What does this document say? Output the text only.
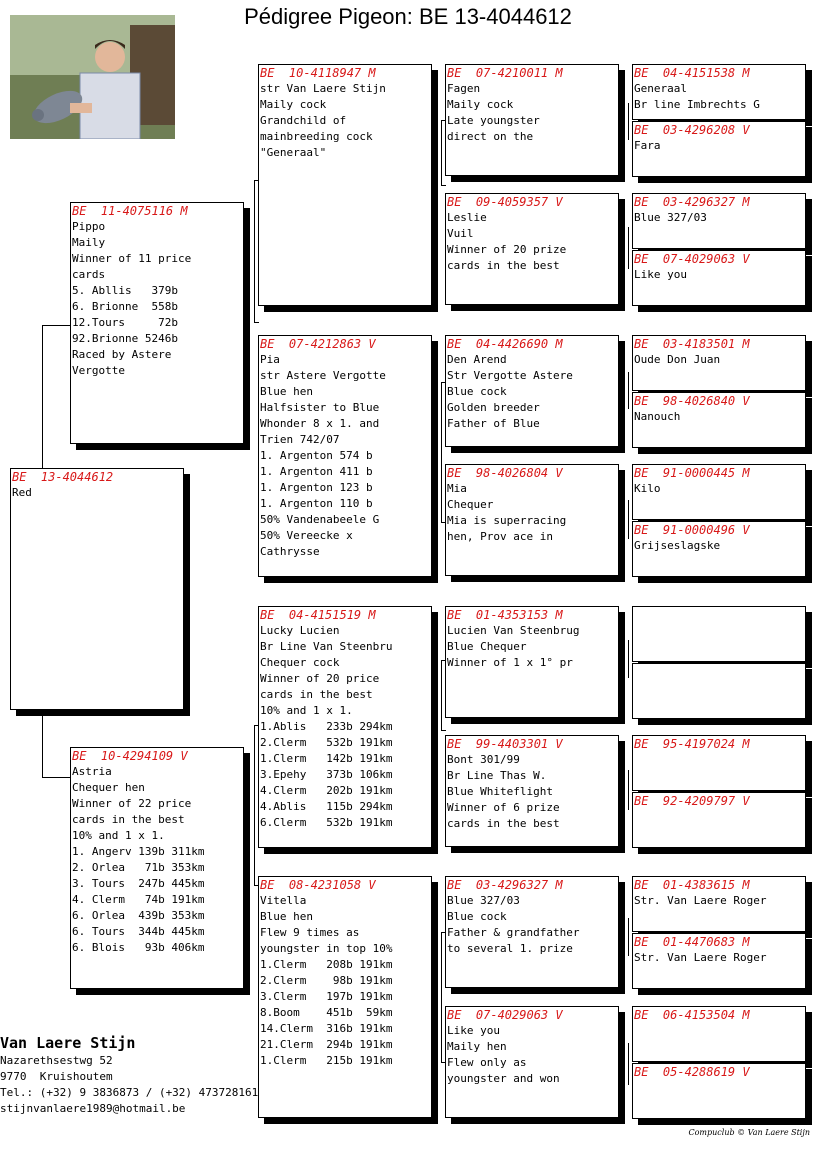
Pédigree Pigeon: BE 13-4044612
BE  13-4044612
Red
BE  11-4075116 M
Pippo
Maily
Winner of 11 price
cards
5. Abllis   379b
6. Brionne  558b
12.Tours     72b
92.Brionne 5246b
Raced by Astere
Vergotte
BE  10-4294109 V
Astria
Chequer hen
Winner of 22 price
cards in the best
10% and 1 x 1.
1. Angerv 139b 311km
2. Orlea   71b 353km
3. Tours  247b 445km
4. Clerm   74b 191km
6. Orlea  439b 353km
6. Tours  344b 445km
6. Blois   93b 406km
BE  10-4118947 M
str Van Laere Stijn
Maily cock
Grandchild of
mainbreeding cock
"Generaal"
BE  07-4212863 V
Pia
str Astere Vergotte
Blue hen
Halfsister to Blue
Whonder 8 x 1. and
Trien 742/07
1. Argenton 574 b
1. Argenton 411 b
1. Argenton 123 b
1. Argenton 110 b
50% Vandenabeele G
50% Vereecke x
Cathrysse
BE  04-4151519 M
Lucky Lucien
Br Line Van Steenbru
Chequer cock
Winner of 20 price
cards in the best
10% and 1 x 1.
1.Ablis   233b 294km
2.Clerm   532b 191km
1.Clerm   142b 191km
3.Epehy   373b 106km
4.Clerm   202b 191km
4.Ablis   115b 294km
6.Clerm   532b 191km
BE  08-4231058 V
Vitella
Blue hen
Flew 9 times as
youngster in top 10%
1.Clerm   208b 191km
2.Clerm    98b 191km
3.Clerm   197b 191km
8.Boom    451b  59km
14.Clerm  316b 191km
21.Clerm  294b 191km
1.Clerm   215b 191km
BE  07-4210011 M
Fagen
Maily cock
Late youngster
direct on the
BE  09-4059357 V
Leslie
Vuil
Winner of 20 prize
cards in the best
BE  04-4426690 M
Den Arend
Str Vergotte Astere
Blue cock
Golden breeder
Father of Blue
BE  98-4026804 V
Mia
Chequer
Mia is superracing
hen, Prov ace in
BE  01-4353153 M
Lucien Van Steenbrug
Blue Chequer
Winner of 1 x 1° pr
BE  99-4403301 V
Bont 301/99
Br Line Thas W.
Blue Whiteflight
Winner of 6 prize
cards in the best
BE  03-4296327 M
Blue 327/03
Blue cock
Father & grandfather
to several 1. prize
BE  07-4029063 V
Like you
Maily hen
Flew only as
youngster and won
BE  04-4151538 M
Generaal
Br line Imbrechts G
BE  03-4296208 V
Fara
BE  03-4296327 M
Blue 327/03
BE  07-4029063 V
Like you
BE  03-4183501 M
Oude Don Juan
BE  98-4026840 V
Nanouch
BE  91-0000445 M
Kilo
BE  91-0000496 V
Grijseslagske
BE  95-4197024 M
BE  92-4209797 V
BE  01-4383615 M
Str. Van Laere Roger
BE  01-4470683 M
Str. Van Laere Roger
BE  06-4153504 M
BE  05-4288619 V
Van Laere Stijn
Nazarethsestwg 52
9770  Kruishoutem
Tel.: (+32) 9 3836873 / (+32) 473728161
stijnvanlaere1989@hotmail.be
Compuclub © Van Laere Stijn
